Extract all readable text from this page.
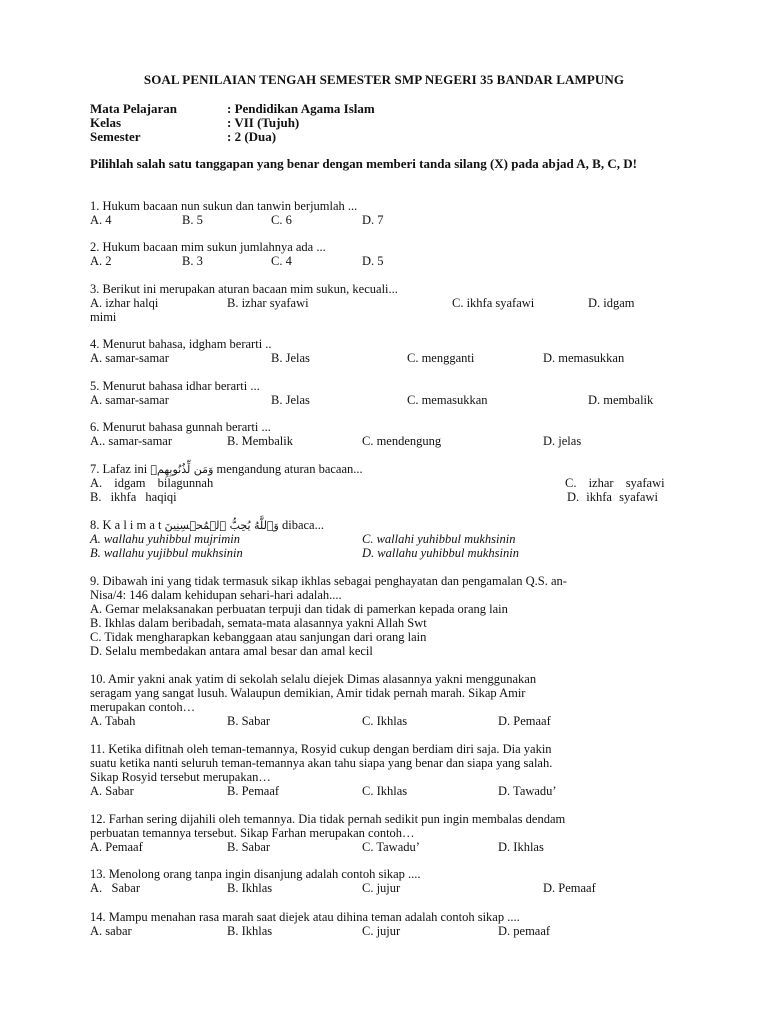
SOAL PENILAIAN TENGAH SEMESTER SMP NEGERI 35 BANDAR LAMPUNG
Mata Pelajaran	: Pendidikan Agama Islam
Kelas	: VII (Tujuh)
Semester	: 2 (Dua)
Pilihlah salah satu tanggapan yang benar dengan memberi tanda silang (X) pada abjad A, B, C, D!
1. Hukum bacaan nun sukun dan tanwin berjumlah ...
A. 4	B. 5	C. 6	D. 7
2. Hukum bacaan mim sukun jumlahnya ada ...
A. 2	B. 3	C. 4	D. 5
3. Berikut ini merupakan aturan bacaan mim sukun, kecuali...
A. izhar halqi	B. izhar syafawi	C. ikhfa syafawi	D. idgam
mimi
4. Menurut bahasa, idgham berarti ..
A. samar-samar	B. Jelas	C. mengganti	D. memasukkan
5. Menurut bahasa idhar berarti ...
A. samar-samar	B. Jelas	C. memasukkan	D. membalik
6. Menurut bahasa gunnah berarti ...
A.. samar-samar	B. Membalik	C. mendengung	D. jelas
7. Lafaz ini وَمَن لِّذُنُوبِهِمۡ mengandung aturan bacaan...
A. idgam bilagunnah	C. izhar syafawi
B. ikhfa haqiqi	D. ikhfa syafawi
8. K a l i m a t وَٱللَّهُ يُحِبُّ ٱلۡمُحۡسِنِينَ dibaca...
A. wallahu yuhibbul mujrimin	C. wallahi yuhibbul mukhsinin
B. wallahu yujibbul mukhsinin	D. wallahu yuhibbul mukhsinin
9. Dibawah ini yang tidak termasuk sikap ikhlas sebagai penghayatan dan pengamalan Q.S. an-
Nisa/4: 146 dalam kehidupan sehari-hari adalah....
A. Gemar melaksanakan perbuatan terpuji dan tidak di pamerkan kepada orang lain
B. Ikhlas dalam beribadah, semata-mata alasannya yakni Allah Swt
C. Tidak mengharapkan kebanggaan atau sanjungan dari orang lain
D. Selalu membedakan antara amal besar dan amal kecil
10. Amir yakni anak yatim di sekolah selalu diejek Dimas alasannya yakni menggunakan
seragam yang sangat lusuh. Walaupun demikian, Amir tidak pernah marah. Sikap Amir
merupakan contoh…
A. Tabah	B. Sabar	C. Ikhlas	D. Pemaaf
11. Ketika difitnah oleh teman-temannya, Rosyid cukup dengan berdiam diri saja. Dia yakin
suatu ketika nanti seluruh teman-temannya akan tahu siapa yang benar dan siapa yang salah.
Sikap Rosyid tersebut merupakan…
A. Sabar	B. Pemaaf	C. Ikhlas	D. Tawadu’
12. Farhan sering dijahili oleh temannya. Dia tidak pernah sedikit pun ingin membalas dendam
perbuatan temannya tersebut. Sikap Farhan merupakan contoh…
A. Pemaaf	B. Sabar	C. Tawadu’	D. Ikhlas
13. Menolong orang tanpa ingin disanjung adalah contoh sikap ....
A.   Sabar	B. Ikhlas	C. jujur	D. Pemaaf
14. Mampu menahan rasa marah saat diejek atau dihina teman adalah contoh sikap ....
A. sabar	B. Ikhlas	C. jujur	D. pemaaf
